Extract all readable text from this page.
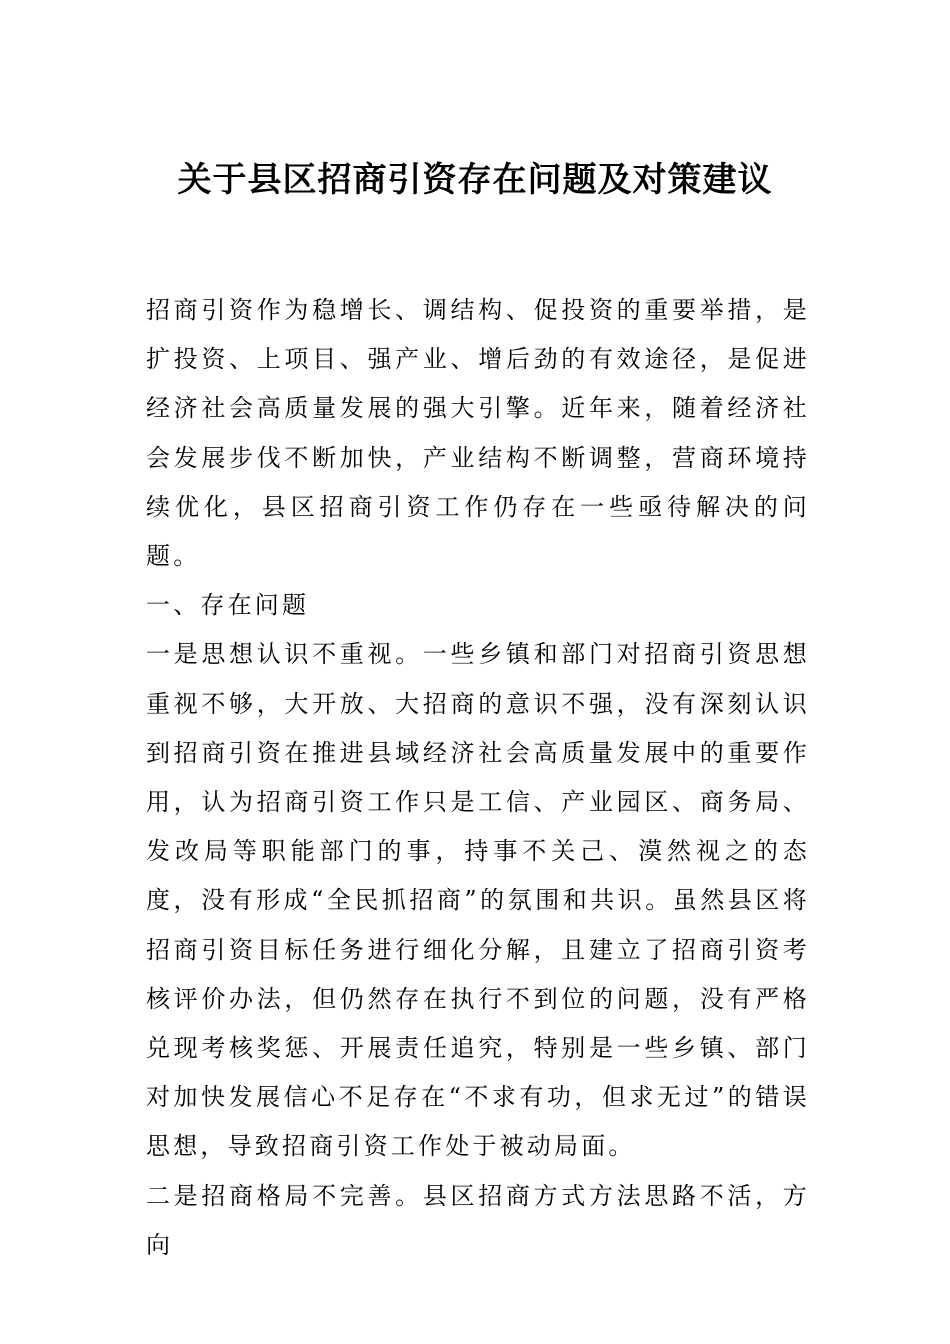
关于县区招商引资存在问题及对策建议

招商引资作为稳增长、调结构、促投资的重要举措，是扩投资、上项目、强产业、增后劲的有效途径，是促进经济社会高质量发展的强大引擎。近年来，随着经济社会发展步伐不断加快，产业结构不断调整，营商环境持续优化，县区招商引资工作仍存在一些亟待解决的问题。

一、存在问题

一是思想认识不重视。一些乡镇和部门对招商引资思想重视不够，大开放、大招商的意识不强，没有深刻认识到招商引资在推进县域经济社会高质量发展中的重要作用，认为招商引资工作只是工信、产业园区、商务局、发改局等职能部门的事，持事不关己、漠然视之的态度，没有形成“全民抓招商”的氛围和共识。虽然县区将招商引资目标任务进行细化分解，且建立了招商引资考核评价办法，但仍然存在执行不到位的问题，没有严格兑现考核奖惩、开展责任追究，特别是一些乡镇、部门对加快发展信心不足存在“不求有功，但求无过”的错误思想，导致招商引资工作处于被动局面。

二是招商格局不完善。县区招商方式方法思路不活，方向
